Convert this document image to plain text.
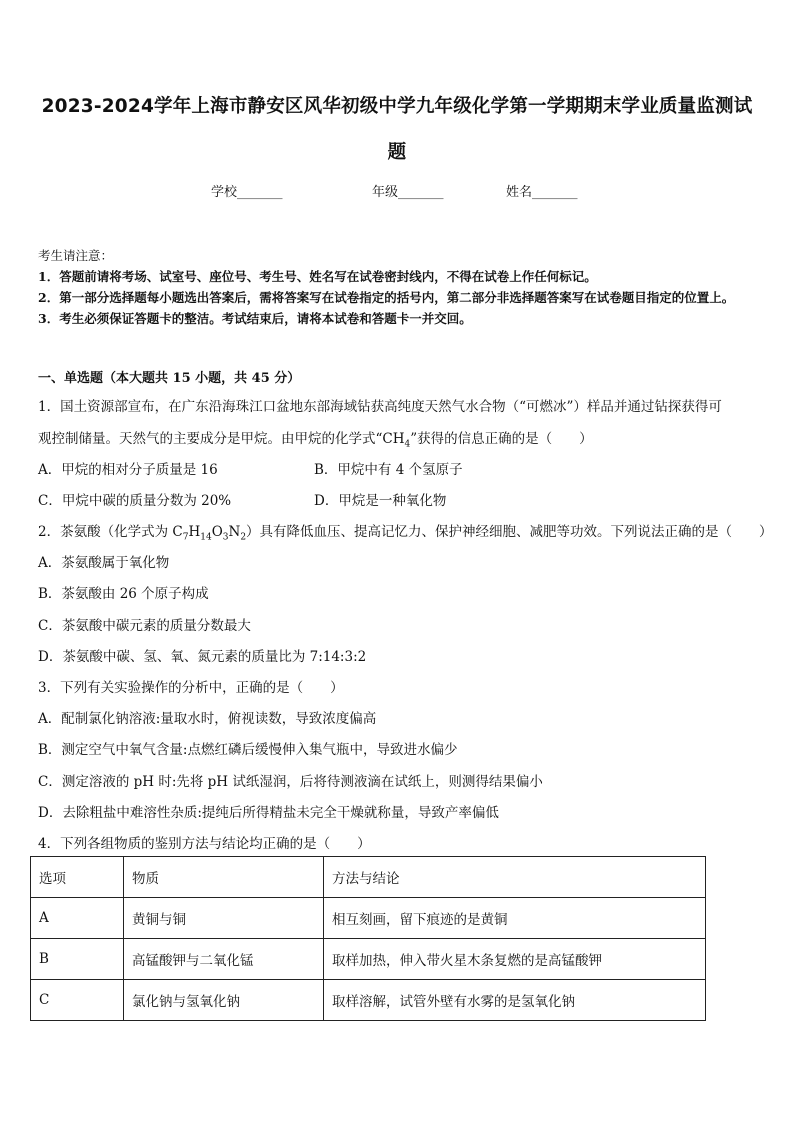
2023-2024学年上海市静安区风华初级中学九年级化学第一学期期末学业质量监测试
题
学校_______	年级_______	姓名_______
考生请注意：
1．答题前请将考场、试室号、座位号、考生号、姓名写在试卷密封线内，不得在试卷上作任何标记。
2．第一部分选择题每小题选出答案后，需将答案写在试卷指定的括号内，第二部分非选择题答案写在试卷题目指定的位置上。
3．考生必须保证答题卡的整洁。考试结束后，请将本试卷和答题卡一并交回。
一、单选题（本大题共 15 小题，共 45 分）
1．国土资源部宣布，在广东沿海珠江口盆地东部海域钻获高纯度天然气水合物（“可燃冰”）样品并通过钻探获得可
观控制储量。天然气的主要成分是甲烷。由甲烷的化学式“$CH_4$”获得的信息正确的是（　　）
A．甲烷的相对分子质量是 16	B．甲烷中有 4 个氢原子
C．甲烷中碳的质量分数为 20%	D．甲烷是一种氧化物
2．茶氨酸（化学式为 $C_7H_{14}O_3N_2$）具有降低血压、提高记忆力、保护神经细胞、减肥等功效。下列说法正确的是（　　）
A．茶氨酸属于氧化物
B．茶氨酸由 26 个原子构成
C．茶氨酸中碳元素的质量分数最大
D．茶氨酸中碳、氢、氧、氮元素的质量比为 7:14:3:2
3．下列有关实验操作的分析中，正确的是（　　）
A．配制氯化钠溶液:量取水时，俯视读数，导致浓度偏高
B．测定空气中氧气含量:点燃红磷后缓慢伸入集气瓶中，导致进水偏少
C．测定溶液的 pH 时:先将 pH 试纸湿润，后将待测液滴在试纸上，则测得结果偏小
D．去除粗盐中难溶性杂质:提纯后所得精盐未完全干燥就称量，导致产率偏低
4．下列各组物质的鉴别方法与结论均正确的是（　　）
选项	物质	方法与结论
A	黄铜与铜	相互刻画，留下痕迹的是黄铜
B	高锰酸钾与二氧化锰	取样加热，伸入带火星木条复燃的是高锰酸钾
C	氯化钠与氢氧化钠	取样溶解，试管外壁有水雾的是氢氧化钠
